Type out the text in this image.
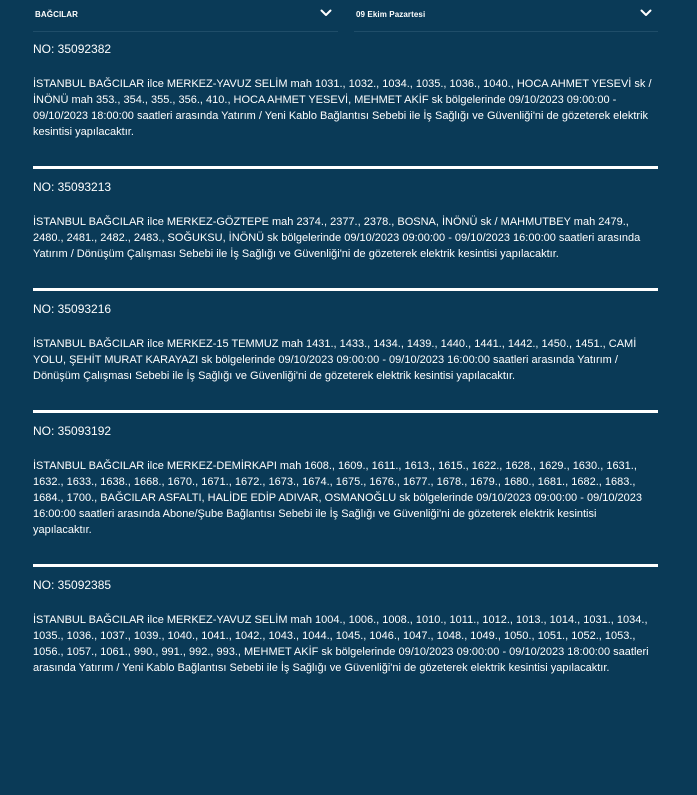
BAĞCILAR	09 Ekim Pazartesi

NO: 35092382

İSTANBUL BAĞCILAR ilce MERKEZ-YAVUZ SELİM mah 1031., 1032., 1034., 1035., 1036., 1040., HOCA AHMET YESEVİ sk / İNÖNÜ mah 353., 354., 355., 356., 410., HOCA AHMET YESEVİ, MEHMET AKİF sk bölgelerinde 09/10/2023 09:00:00 - 09/10/2023 18:00:00 saatleri arasında Yatırım / Yeni Kablo Bağlantısı Sebebi ile İş Sağlığı ve Güvenliği'ni de gözeterek elektrik kesintisi yapılacaktır.

NO: 35093213

İSTANBUL BAĞCILAR ilce MERKEZ-GÖZTEPE mah 2374., 2377., 2378., BOSNA, İNÖNÜ sk / MAHMUTBEY mah 2479., 2480., 2481., 2482., 2483., SOĞUKSU, İNÖNÜ sk bölgelerinde 09/10/2023 09:00:00 - 09/10/2023 16:00:00 saatleri arasında Yatırım / Dönüşüm Çalışması Sebebi ile İş Sağlığı ve Güvenliği'ni de gözeterek elektrik kesintisi yapılacaktır.

NO: 35093216

İSTANBUL BAĞCILAR ilce MERKEZ-15 TEMMUZ mah 1431., 1433., 1434., 1439., 1440., 1441., 1442., 1450., 1451., CAMİ YOLU, ŞEHİT MURAT KARAYAZI sk bölgelerinde 09/10/2023 09:00:00 - 09/10/2023 16:00:00 saatleri arasında Yatırım / Dönüşüm Çalışması Sebebi ile İş Sağlığı ve Güvenliği'ni de gözeterek elektrik kesintisi yapılacaktır.

NO: 35093192

İSTANBUL BAĞCILAR ilce MERKEZ-DEMİRKAPI mah 1608., 1609., 1611., 1613., 1615., 1622., 1628., 1629., 1630., 1631., 1632., 1633., 1638., 1668., 1670., 1671., 1672., 1673., 1674., 1675., 1676., 1677., 1678., 1679., 1680., 1681., 1682., 1683., 1684., 1700., BAĞCILAR ASFALTI, HALİDE EDİP ADIVAR, OSMANOĞLU sk bölgelerinde 09/10/2023 09:00:00 - 09/10/2023 16:00:00 saatleri arasında Abone/Şube Bağlantısı Sebebi ile İş Sağlığı ve Güvenliği'ni de gözeterek elektrik kesintisi yapılacaktır.

NO: 35092385

İSTANBUL BAĞCILAR ilce MERKEZ-YAVUZ SELİM mah 1004., 1006., 1008., 1010., 1011., 1012., 1013., 1014., 1031., 1034., 1035., 1036., 1037., 1039., 1040., 1041., 1042., 1043., 1044., 1045., 1046., 1047., 1048., 1049., 1050., 1051., 1052., 1053., 1056., 1057., 1061., 990., 991., 992., 993., MEHMET AKİF sk bölgelerinde 09/10/2023 09:00:00 - 09/10/2023 18:00:00 saatleri arasında Yatırım / Yeni Kablo Bağlantısı Sebebi ile İş Sağlığı ve Güvenliği'ni de gözeterek elektrik kesintisi yapılacaktır.
